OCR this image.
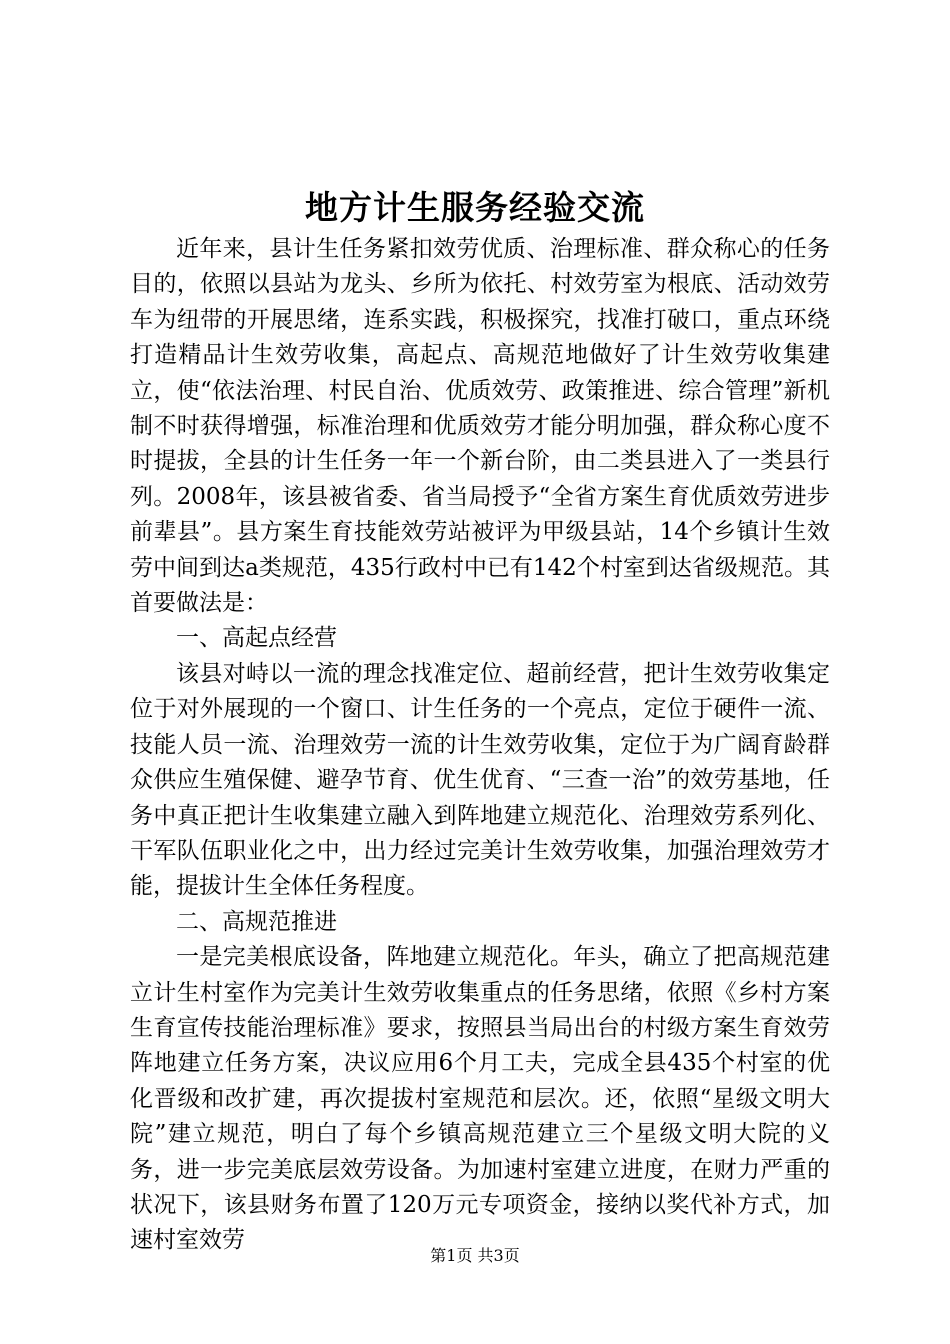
地方计生服务经验交流

近年来，县计生任务紧扣效劳优质、治理标准、群众称心的任务目的，依照以县站为龙头、乡所为依托、村效劳室为根底、活动效劳车为纽带的开展思绪，连系实践，积极探究，找准打破口，重点环绕打造精品计生效劳收集，高起点、高规范地做好了计生效劳收集建立，使“依法治理、村民自治、优质效劳、政策推进、综合管理”新机制不时获得增强，标准治理和优质效劳才能分明加强，群众称心度不时提拔，全县的计生任务一年一个新台阶，由二类县进入了一类县行列。2008年，该县被省委、省当局授予“全省方案生育优质效劳进步前辈县”。县方案生育技能效劳站被评为甲级县站，14个乡镇计生效劳中间到达a类规范，435行政村中已有142个村室到达省级规范。其首要做法是：

一、高起点经营

该县对峙以一流的理念找准定位、超前经营，把计生效劳收集定位于对外展现的一个窗口、计生任务的一个亮点，定位于硬件一流、技能人员一流、治理效劳一流的计生效劳收集，定位于为广阔育龄群众供应生殖保健、避孕节育、优生优育、“三查一治”的效劳基地，任务中真正把计生收集建立融入到阵地建立规范化、治理效劳系列化、干军队伍职业化之中，出力经过完美计生效劳收集，加强治理效劳才能，提拔计生全体任务程度。

二、高规范推进

一是完美根底设备，阵地建立规范化。年头，确立了把高规范建立计生村室作为完美计生效劳收集重点的任务思绪，依照《乡村方案生育宣传技能治理标准》要求，按照县当局出台的村级方案生育效劳阵地建立任务方案，决议应用6个月工夫，完成全县435个村室的优化晋级和改扩建，再次提拔村室规范和层次。还，依照“星级文明大院”建立规范，明白了每个乡镇高规范建立三个星级文明大院的义务，进一步完美底层效劳设备。为加速村室建立进度，在财力严重的状况下，该县财务布置了120万元专项资金，接纳以奖代补方式，加速村室效劳

第1页 共3页
